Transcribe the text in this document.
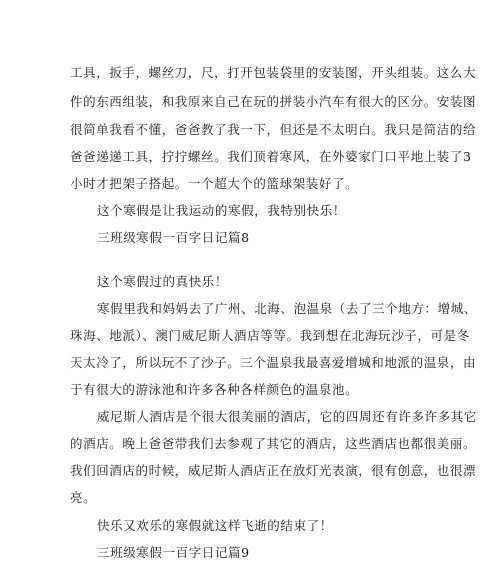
工具，扳手，螺丝刀，尺，打开包装袋里的安装图，开头组装。这么大
件的东西组装，和我原来自己在玩的拼装小汽车有很大的区分。安装图
很简单我看不懂，爸爸教了我一下，但还是不太明白。我只是简洁的给
爸爸递递工具，拧拧螺丝。我们顶着寒风，在外婆家门口平地上装了3
小时才把架子搭起。一个超大个的篮球架装好了。
这个寒假是让我运动的寒假，我特别快乐！
三班级寒假一百字日记篇8
这个寒假过的真快乐！
寒假里我和妈妈去了广州、北海、泡温泉（去了三个地方：增城、
珠海、地派）、澳门威尼斯人酒店等等。我到想在北海玩沙子，可是冬
天太冷了，所以玩不了沙子。三个温泉我最喜爱增城和地派的温泉，由
于有很大的游泳池和许多各种各样颜色的温泉池。
威尼斯人酒店是个很大很美丽的酒店，它的四周还有许多许多其它
的酒店。晚上爸爸带我们去参观了其它的酒店，这些酒店也都很美丽。
我们回酒店的时候，威尼斯人酒店正在放灯光表演，很有创意，也很漂
亮。
快乐又欢乐的寒假就这样飞逝的结束了！
三班级寒假一百字日记篇9
